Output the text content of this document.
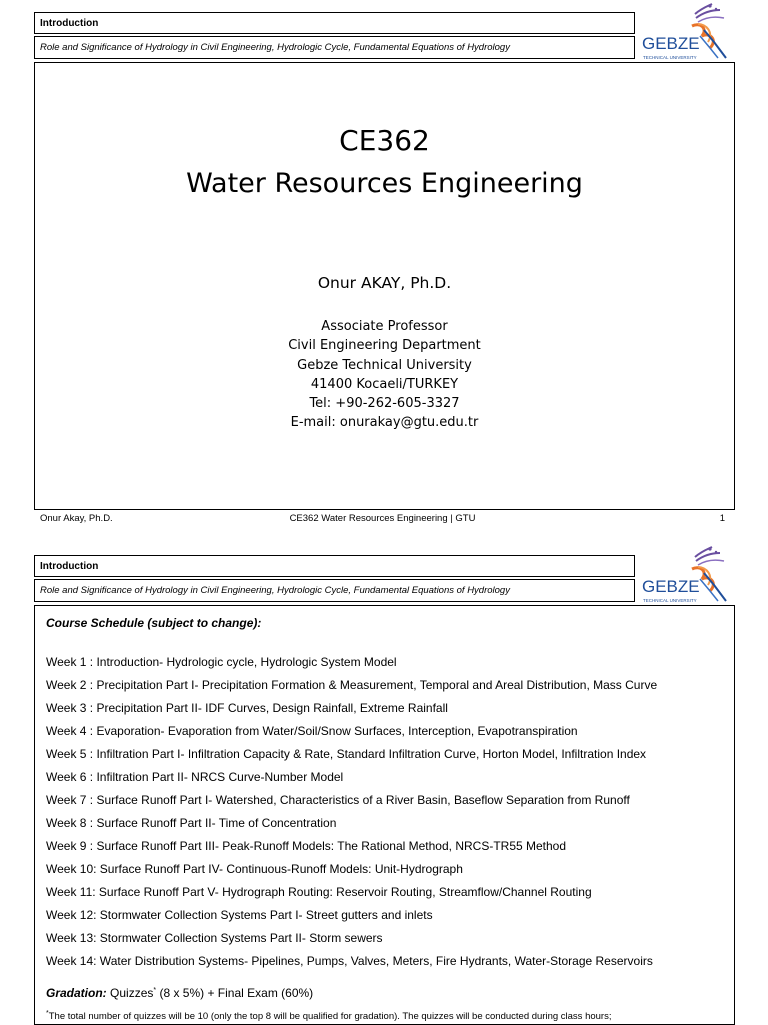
Introduction
Role and Significance of Hydrology in Civil Engineering, Hydrologic Cycle, Fundamental Equations of Hydrology	GEBZE
TECHNICAL UNIVERSITY
CE362
Water Resources Engineering
Onur AKAY, Ph.D.
Associate Professor
Civil Engineering Department
Gebze Technical University
41400 Kocaeli/TURKEY
Tel: +90-262-605-3327
E-mail: onurakay@gtu.edu.tr
Onur Akay, Ph.D.	CE362 Water Resources Engineering | GTU	1
Introduction
Role and Significance of Hydrology in Civil Engineering, Hydrologic Cycle, Fundamental Equations of Hydrology	GEBZE
TECHNICAL UNIVERSITY
Course Schedule (subject to change):
Week 1 : Introduction- Hydrologic cycle, Hydrologic System Model
Week 2 : Precipitation Part I- Precipitation Formation & Measurement, Temporal and Areal Distribution, Mass Curve
Week 3 : Precipitation Part II- IDF Curves, Design Rainfall, Extreme Rainfall
Week 4 : Evaporation- Evaporation from Water/Soil/Snow Surfaces, Interception, Evapotranspiration
Week 5 : Infiltration Part I- Infiltration Capacity & Rate, Standard Infiltration Curve, Horton Model, Infiltration Index
Week 6 : Infiltration Part II- NRCS Curve-Number Model
Week 7 : Surface Runoff Part I- Watershed, Characteristics of a River Basin, Baseflow Separation from Runoff
Week 8 : Surface Runoff Part II- Time of Concentration
Week 9 : Surface Runoff Part III- Peak-Runoff Models: The Rational Method, NRCS-TR55 Method
Week 10: Surface Runoff Part IV- Continuous-Runoff Models: Unit-Hydrograph
Week 11: Surface Runoff Part V- Hydrograph Routing: Reservoir Routing, Streamflow/Channel Routing
Week 12: Stormwater Collection Systems Part I- Street gutters and inlets
Week 13: Stormwater Collection Systems Part II- Storm sewers
Week 14: Water Distribution Systems- Pipelines, Pumps, Valves, Meters, Fire Hydrants, Water-Storage Reservoirs
Gradation: Quizzes* (8 x 5%) + Final Exam (60%)
*The total number of quizzes will be 10 (only the top 8 will be qualified for gradation). The quizzes will be conducted during class hours;
